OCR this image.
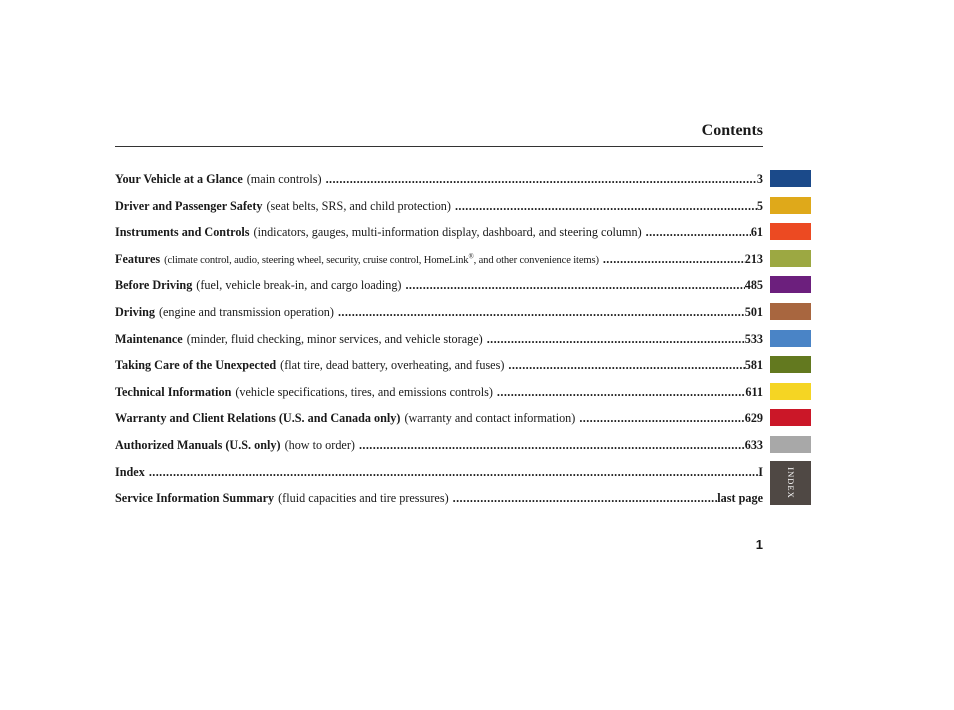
Contents
Your Vehicle at a Glance (main controls) .....	3
Driver and Passenger Safety (seat belts, SRS, and child protection) .....	5
Instruments and Controls (indicators, gauges, multi-information display, dashboard, and steering column) .....	61
Features (climate control, audio, steering wheel, security, cruise control, HomeLink®, and other convenience items) .....	213
Before Driving (fuel, vehicle break-in, and cargo loading) .....	485
Driving (engine and transmission operation) .....	501
Maintenance (minder, fluid checking, minor services, and vehicle storage) .....	533
Taking Care of the Unexpected (flat tire, dead battery, overheating, and fuses) .....	581
Technical Information (vehicle specifications, tires, and emissions controls) .....	611
Warranty and Client Relations (U.S. and Canada only) (warranty and contact information) .....	629
Authorized Manuals (U.S. only) (how to order) .....	633
Index .....	I	INDEX
Service Information Summary (fluid capacities and tire pressures) .....	last page
1
